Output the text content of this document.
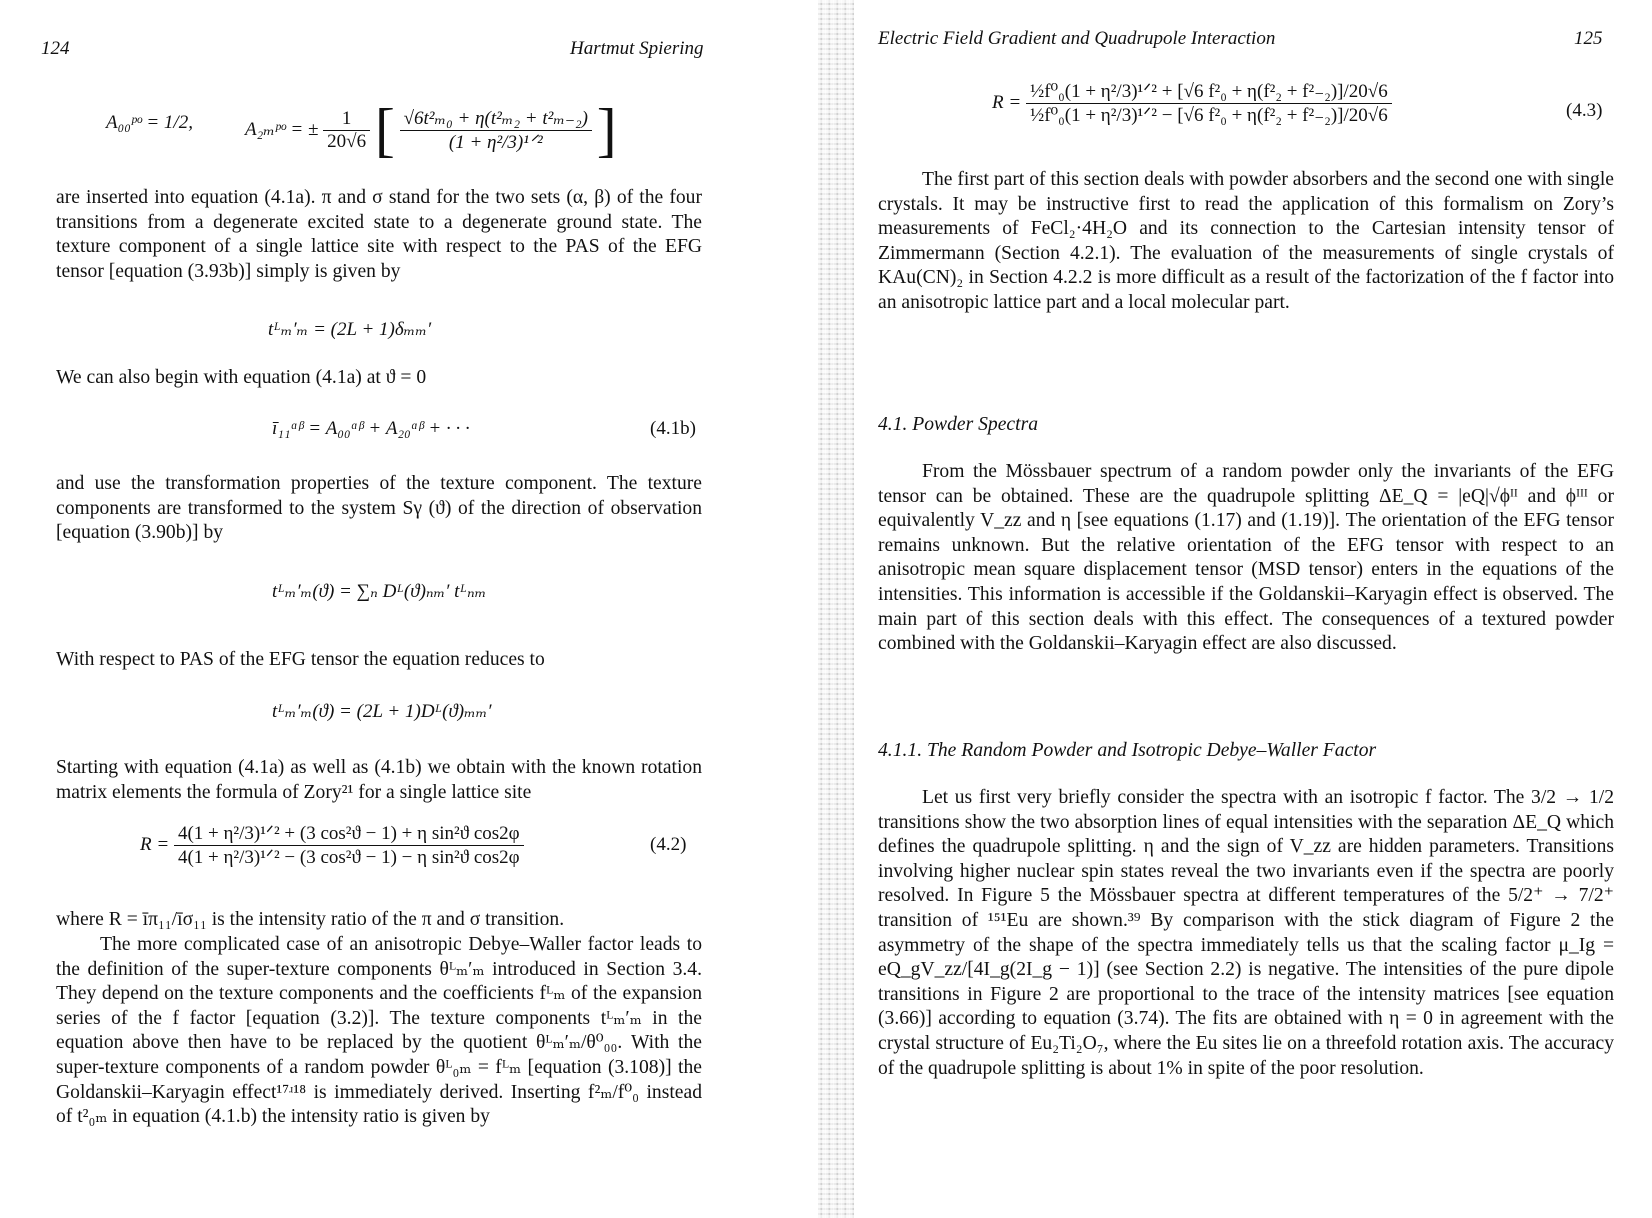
124	Hartmut Spiering
A₀₀ᵖᵒ = 1/2,	A₂ₘᵖᵒ = ± $\frac{1}{20√6}$ [ $\frac{\text{√6t²ₘ₀ + η(t²ₘ₂ + t²ₘ₋₂)}}{\text{(1 + η²/3)¹ᐟ²}}$ ]

are inserted into equation (4.1a). π and σ stand for the two sets (α, β) of the four transitions from a degenerate excited state to a degenerate ground state. The texture component of a single lattice site with respect to the PAS of the EFG tensor [equation (3.93b)] simply is given by

tᴸₘ′ₘ = (2L + 1)δₘₘ′

We can also begin with equation (4.1a) at ϑ = 0

ī₁₁ᵅᵝ = A₀₀ᵅᵝ + A₂₀ᵅᵝ + · · ·	(4.1b)

and use the transformation properties of the texture component. The texture components are transformed to the system Sγ (ϑ) of the direction of observation [equation (3.90b)] by

tᴸₘ′ₘ(ϑ) = ∑ₙ Dᴸ(ϑ)ₙₘ′ tᴸₙₘ

With respect to PAS of the EFG tensor the equation reduces to

tᴸₘ′ₘ(ϑ) = (2L + 1)Dᴸ(ϑ)ₘₘ′

Starting with equation (4.1a) as well as (4.1b) we obtain with the known rotation matrix elements the formula of Zory²¹ for a single lattice site

$R = \frac{\text{4(1 + η²/3)¹ᐟ² + (3 cos²ϑ − 1) + η sin²ϑ cos2φ}}{\text{4(1 + η²/3)¹ᐟ² − (3 cos²ϑ − 1) − η sin²ϑ cos2φ}}$	(4.2)

where R = īπ₁₁/īσ₁₁ is the intensity ratio of the π and σ transition.

The more complicated case of an anisotropic Debye–Waller factor leads to the definition of the super-texture components θᴸₘ′ₘ introduced in Section 3.4. They depend on the texture components and the coefficients fᴸₘ of the expansion series of the f factor [equation (3.2)]. The texture components tᴸₘ′ₘ in the equation above then have to be replaced by the quotient θᴸₘ′ₘ/θ⁰₀₀. With the super-texture components of a random powder θᴸ₀ₘ = fᴸₘ [equation (3.108)] the Goldanskii–Karyagin effect¹⁷ʴ¹⁸ is immediately derived. Inserting f²ₘ/f⁰₀ instead of t²₀ₘ in equation (4.1.b) the intensity ratio is given by

Electric Field Gradient and Quadrupole Interaction	125
$R = \frac{\text{½f⁰₀(1 + η²/3)¹ᐟ² + [√6 f²₀ + η(f²₂ + f²₋₂)]/20√6}}{\text{½f⁰₀(1 + η²/3)¹ᐟ² − [√6 f²₀ + η(f²₂ + f²₋₂)]/20√6}}$	(4.3)

The first part of this section deals with powder absorbers and the second one with single crystals. It may be instructive first to read the application of this formalism on Zory’s measurements of FeCl₂·4H₂O and its connection to the Cartesian intensity tensor of Zimmermann (Section 4.2.1). The evaluation of the measurements of single crystals of KAu(CN)₂ in Section 4.2.2 is more difficult as a result of the factorization of the f factor into an anisotropic lattice part and a local molecular part.

4.1. Powder Spectra

From the Mössbauer spectrum of a random powder only the invariants of the EFG tensor can be obtained. These are the quadrupole splitting ΔE_Q = |eQ|√ϕᴵᴵ and ϕᴵᴵᴵ or equivalently V_zz and η [see equations (1.17) and (1.19)]. The orientation of the EFG tensor remains unknown. But the relative orientation of the EFG tensor with respect to an anisotropic mean square displacement tensor (MSD tensor) enters in the equations of the intensities. This information is accessible if the Goldanskii–Karyagin effect is observed. The main part of this section deals with this effect. The consequences of a textured powder combined with the Goldanskii–Karyagin effect are also discussed.

4.1.1. The Random Powder and Isotropic Debye–Waller Factor

Let us first very briefly consider the spectra with an isotropic f factor. The 3/2 → 1/2 transitions show the two absorption lines of equal intensities with the separation ΔE_Q which defines the quadrupole splitting. η and the sign of V_zz are hidden parameters. Transitions involving higher nuclear spin states reveal the two invariants even if the spectra are poorly resolved. In Figure 5 the Mössbauer spectra at different temperatures of the 5/2⁺ → 7/2⁺ transition of ¹⁵¹Eu are shown.³⁹ By comparison with the stick diagram of Figure 2 the asymmetry of the shape of the spectra immediately tells us that the scaling factor μ_Ig = eQ_gV_zz/[4I_g(2I_g − 1)] (see Section 2.2) is negative. The intensities of the pure dipole transitions in Figure 2 are proportional to the trace of the intensity matrices [see equation (3.66)] according to equation (3.74). The fits are obtained with η = 0 in agreement with the crystal structure of Eu₂Ti₂O₇, where the Eu sites lie on a threefold rotation axis. The accuracy of the quadrupole splitting is about 1% in spite of the poor resolution.
